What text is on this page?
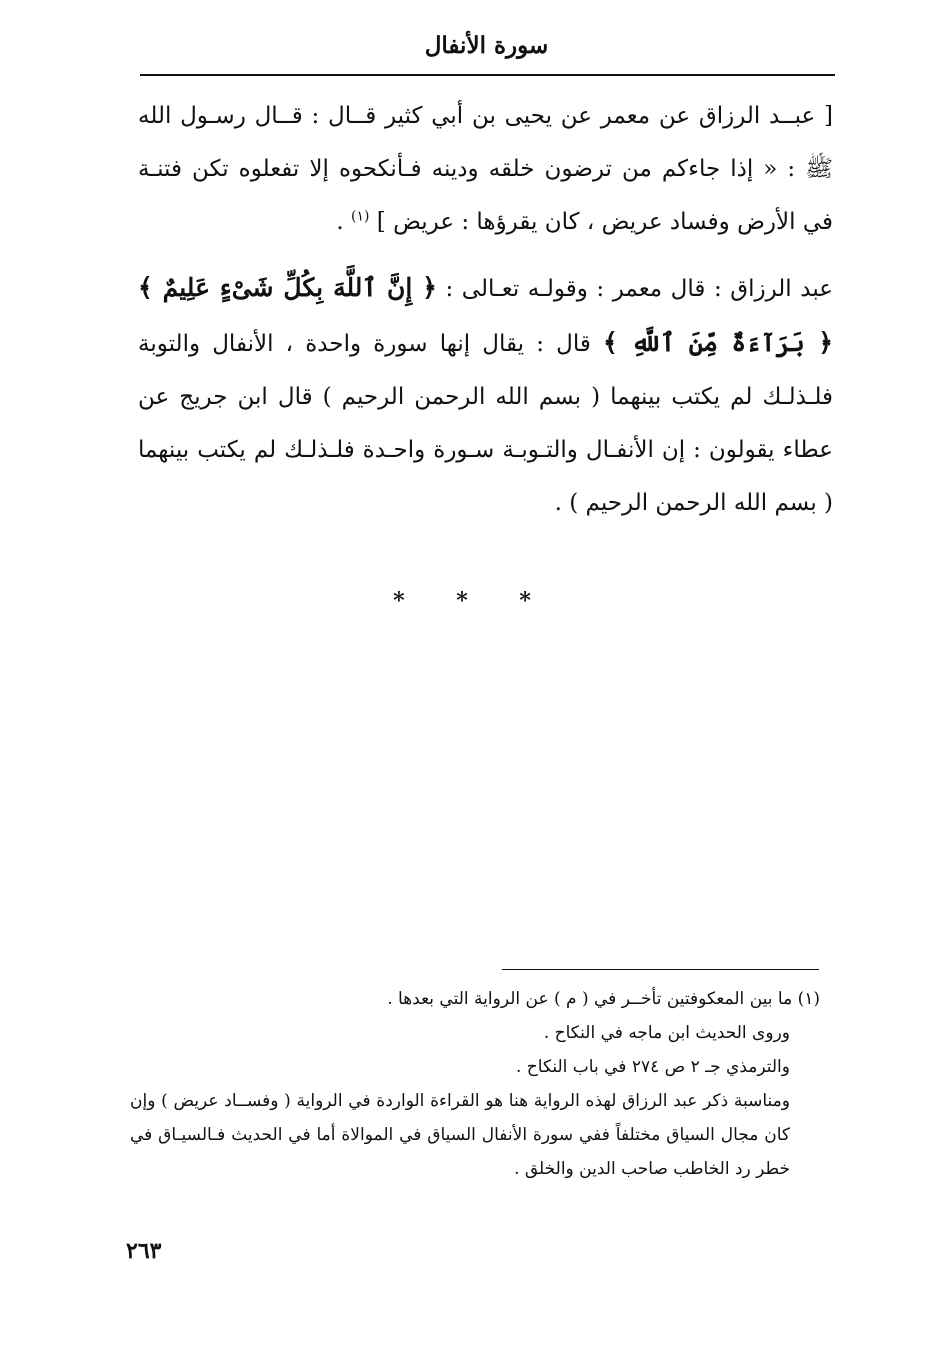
سورة الأنفال

[ عبــد الرزاق عن معمر عن يحيى بن أبي كثير قــال : قــال رسـول الله ﷺ : « إذا جاءكم من ترضون خلقه ودينه فـأنكحوه إلا تفعلوه تكن فتنـة في الأرض وفساد عريض ، كان يقرؤها : عريض ] $^{(١)}$ .

عبد الرزاق : قال معمر : وقولـه تعـالى : ﴿ إِنَّ ٱللَّهَ بِكُلِّ شَىْءٍ عَلِيمٌ ﴾ ﴿ بَرَآءَةٌ مِّنَ ٱللَّهِ ﴾ قال : يقال إنها سورة واحدة ، الأنفال والتوبة فلـذلـك لم يكتب بينهما ( بسم الله الرحمن الرحيم ) قال ابن جريج عن عطاء يقولون : إن الأنفـال والتـوبـة سـورة واحـدة فلـذلـك لم يكتب بينهما ( بسم الله الرحمن الرحيم ) .

* * *

(١) ما بين المعكوفتين تأخــر في ( م ) عن الرواية التي بعدها .

وروى الحديث ابن ماجه في النكاح .

والترمذي جـ ٢ ص ٢٧٤ في باب النكاح .

ومناسبة ذكر عبد الرزاق لهذه الرواية هنا هو القراءة الواردة في الرواية ( وفســاد عريض ) وإن كان مجال السياق مختلفاً ففي سورة الأنفال السياق في الموالاة أما في الحديث فـالسيـاق في خطر رد الخاطب صاحب الدين والخلق .

٢٦٣
